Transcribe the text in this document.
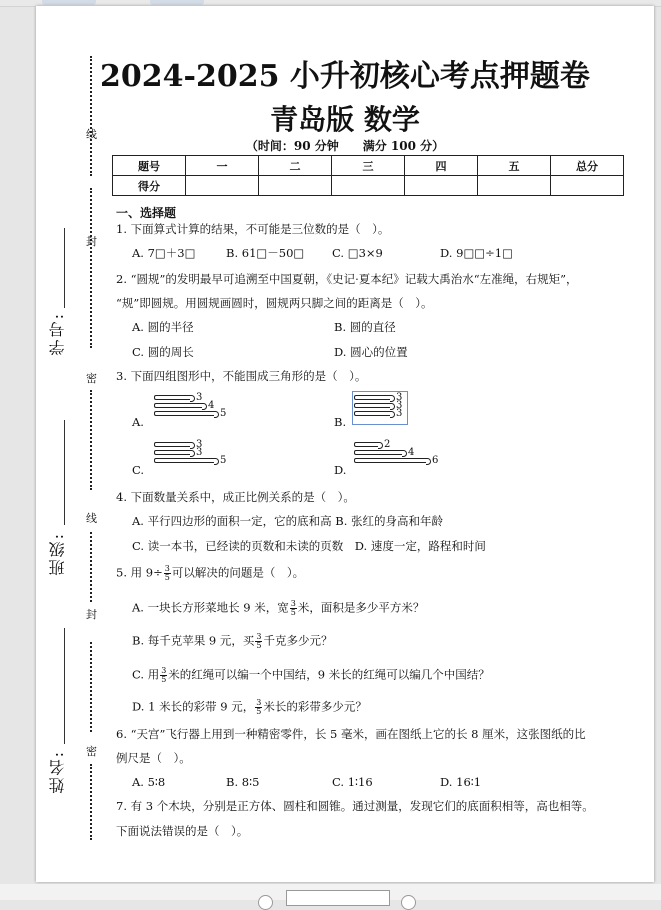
线
封
密
线
封
密
学号:
班级:
姓名:
2024-2025 小升初核心考点押题卷
青岛版 数学
（时间：90 分钟　　满分 100 分）
题号	一	二	三	四	五	总分
得分						
一、选择题
1. 下面算式计算的结果，不可能是三位数的是（　）。
A. 7□＋3□	B. 61□－50□ C. □3×9	D. 9□□÷1□
2. “圆规”的发明最早可追溯至中国夏朝，《史记·夏本纪》记载大禹治水“左准绳，右规矩”，
“规”即圆规。用圆规画圆时，圆规两只脚之间的距离是（　）。
A. 圆的半径	B. 圆的直径
C. 圆的周长	D. 圆心的位置
3. 下面四组图形中，不能围成三角形的是（　）。
A.	B.
C.	D.
4. 下面数量关系中，成正比例关系的是（　）。
A. 平行四边形的面积一定，它的底和高 B. 张红的身高和年龄
C. 读一本书，已经读的页数和未读的页数　D. 速度一定，路程和时间
5. 用 $9\div \frac{3}{5}$ 可以解决的问题是（　）。
A. 一块长方形菜地长 9 米，宽 $\frac{3}{5}$ 米，面积是多少平方米？
B. 每千克苹果 9 元，买 $\frac{3}{5}$ 千克多少元？
C. 用 $\frac{3}{5}$ 米的红绳可以编一个中国结，9 米长的红绳可以编几个中国结？
D. 1 米长的彩带 9 元， $\frac{3}{5}$ 米长的彩带多少元？
6. “天宫”飞行器上用到一种精密零件，长 5 毫米，画在图纸上它的长 8 厘米，这张图纸的比
例尺是（　）。
A. 5∶8	B. 8∶5	C. 1∶16	D. 16∶1
7. 有 3 个木块，分别是正方体、圆柱和圆锥。通过测量，发现它们的底面积相等，高也相等。
下面说法错误的是（　）。
3
4
5
3
3
3
3
3
5
2
4
6
